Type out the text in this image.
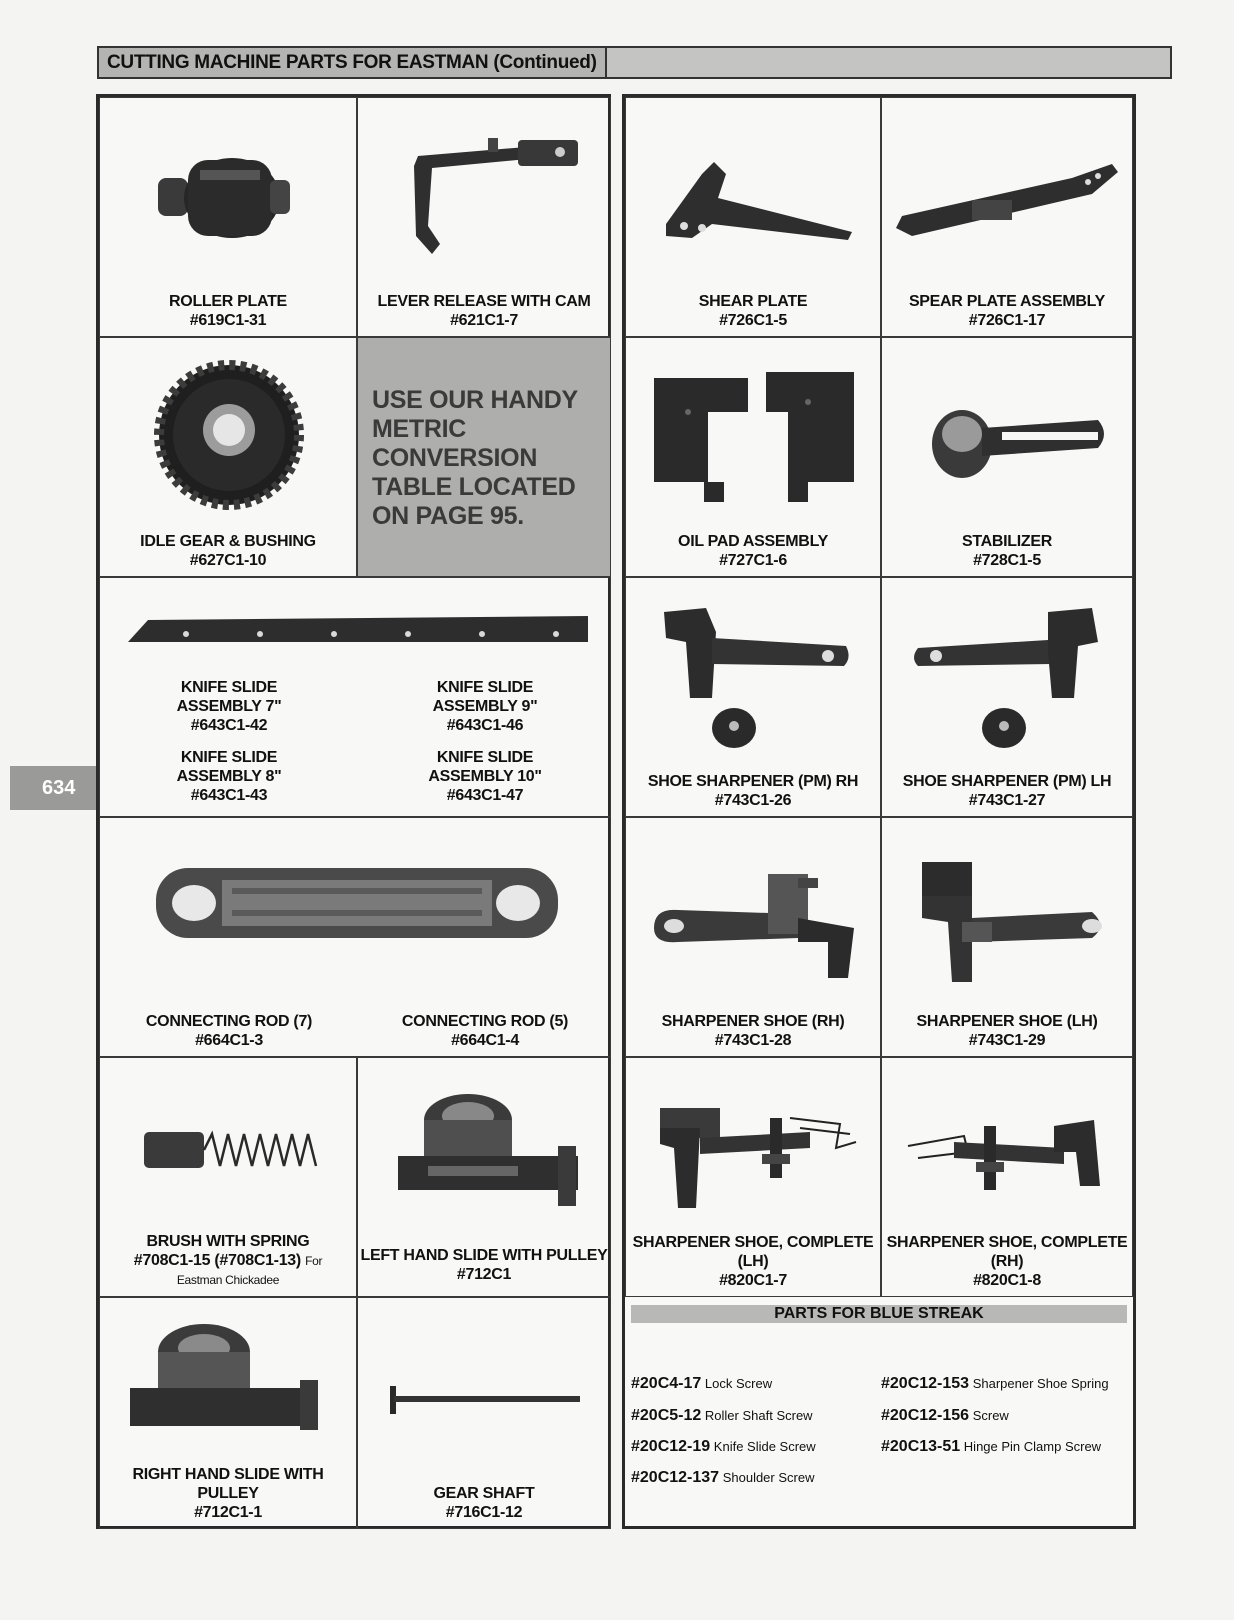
CUTTING MACHINE PARTS FOR EASTMAN (Continued)
634
ROLLER PLATE
#619C1-31
LEVER RELEASE WITH CAM
#621C1-7
IDLE GEAR & BUSHING
#627C1-10
USE OUR HANDY
METRIC
CONVERSION
TABLE LOCATED
ON PAGE 95.
KNIFE SLIDE
ASSEMBLY 7"
#643C1-42
KNIFE SLIDE
ASSEMBLY 9"
#643C1-46
KNIFE SLIDE
ASSEMBLY 8"
#643C1-43
KNIFE SLIDE
ASSEMBLY 10"
#643C1-47
CONNECTING ROD (7)
#664C1-3
CONNECTING ROD (5)
#664C1-4
BRUSH WITH SPRING
#708C1-15 (#708C1-13) For
Eastman Chickadee
LEFT HAND SLIDE WITH PULLEY
#712C1
RIGHT HAND SLIDE WITH
PULLEY
#712C1-1
GEAR SHAFT
#716C1-12
SHEAR PLATE
#726C1-5
SPEAR PLATE ASSEMBLY
#726C1-17
OIL PAD ASSEMBLY
#727C1-6
STABILIZER
#728C1-5
SHOE SHARPENER (PM) RH
#743C1-26
SHOE SHARPENER (PM) LH
#743C1-27
SHARPENER SHOE (RH)
#743C1-28
SHARPENER SHOE (LH)
#743C1-29
SHARPENER SHOE, COMPLETE
(LH)
#820C1-7
SHARPENER SHOE, COMPLETE
(RH)
#820C1-8
PARTS FOR BLUE STREAK
#20C4-17 Lock Screw
#20C5-12 Roller Shaft Screw
#20C12-19 Knife Slide Screw
#20C12-137 Shoulder Screw
#20C12-153 Sharpener Shoe Spring
#20C12-156 Screw
#20C13-51 Hinge Pin Clamp Screw
